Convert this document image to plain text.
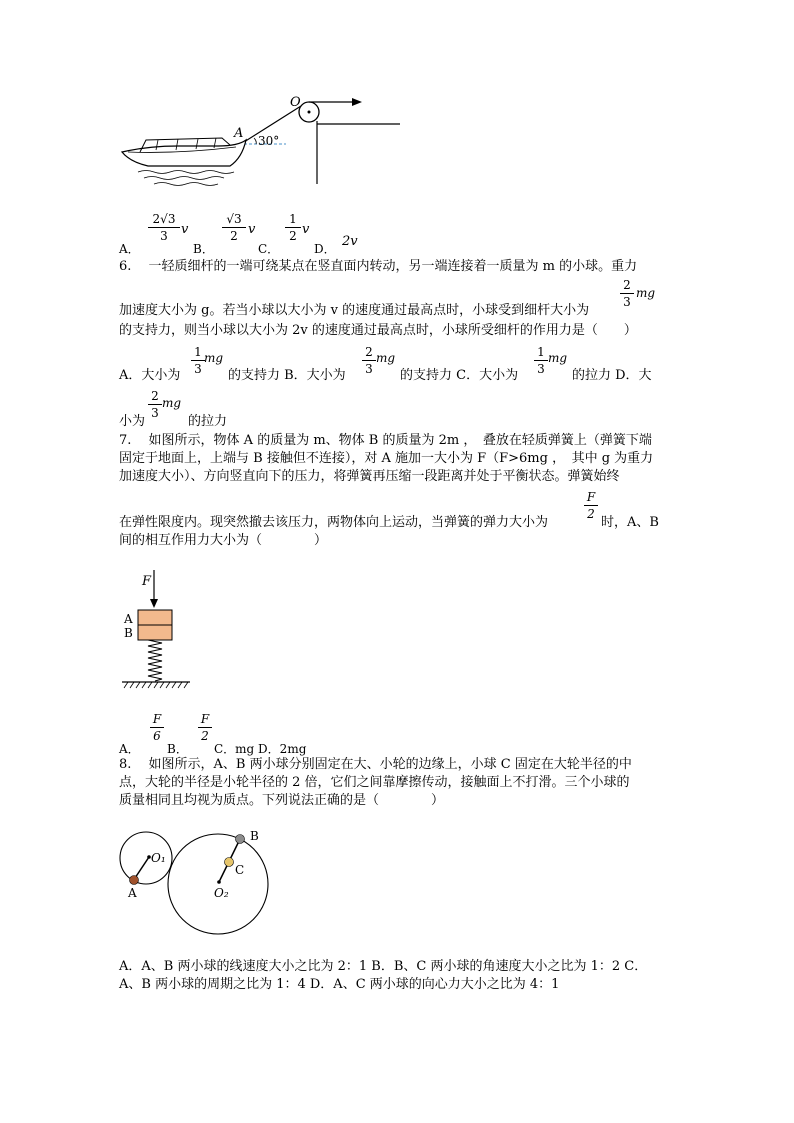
O
A 30°
A．
2√3
3	v
B．
√3
2 v
C．
1
2 v
D． 2v
6.　 一轻质细杆的一端可绕某点在竖直面内转动，另一端连接着一质量为 m 的小球。重力
加速度大小为 g。若当小球以大小为 v 的速度通过最高点时，小球受到细杆大小为
2
3
mg
的支持力，则当小球以大小为 2v 的速度通过最高点时，小球所受细杆的作用力是（　　）
A．大小为
1
3
mg
的支持力 B．大小为
2
3
mg
的支持力 C．大小为
1
3
mg
的拉力 D．大
小为
2
3
mg
的拉力
7.　 如图所示，物体 A 的质量为 m、物体 B 的质量为 2m ，　叠放在轻质弹簧上（弹簧下端
固定于地面上，上端与 B 接触但不连接），对 A 施加一大小为 F（F>6mg ，　其中 g 为重力
加速度大小）、方向竖直向下的压力，将弹簧再压缩一段距离并处于平衡状态。弹簧始终
在弹性限度内。现突然撤去该压力，两物体向上运动，当弹簧的弹力大小为
F
2
时，A、B
间的相互作用力大小为（　　　　）
F
A
B
A．
F
6
B．
F
2
C．mg D．2mg
8.　 如图所示，A、B 两小球分别固定在大、小轮的边缘上，小球 C 固定在大轮半径的中
点，大轮的半径是小轮半径的 2 倍，它们之间靠摩擦传动，接触面上不打滑。三个小球的
质量相同且均视为质点。下列说法正确的是（　　　　）
A
B
C
O₁
O₂
A．A、B 两小球的线速度大小之比为 2：1 B．B、C 两小球的角速度大小之比为 1：2 C．
A、B 两小球的周期之比为 1：4 D．A、C 两小球的向心力大小之比为 4：1
